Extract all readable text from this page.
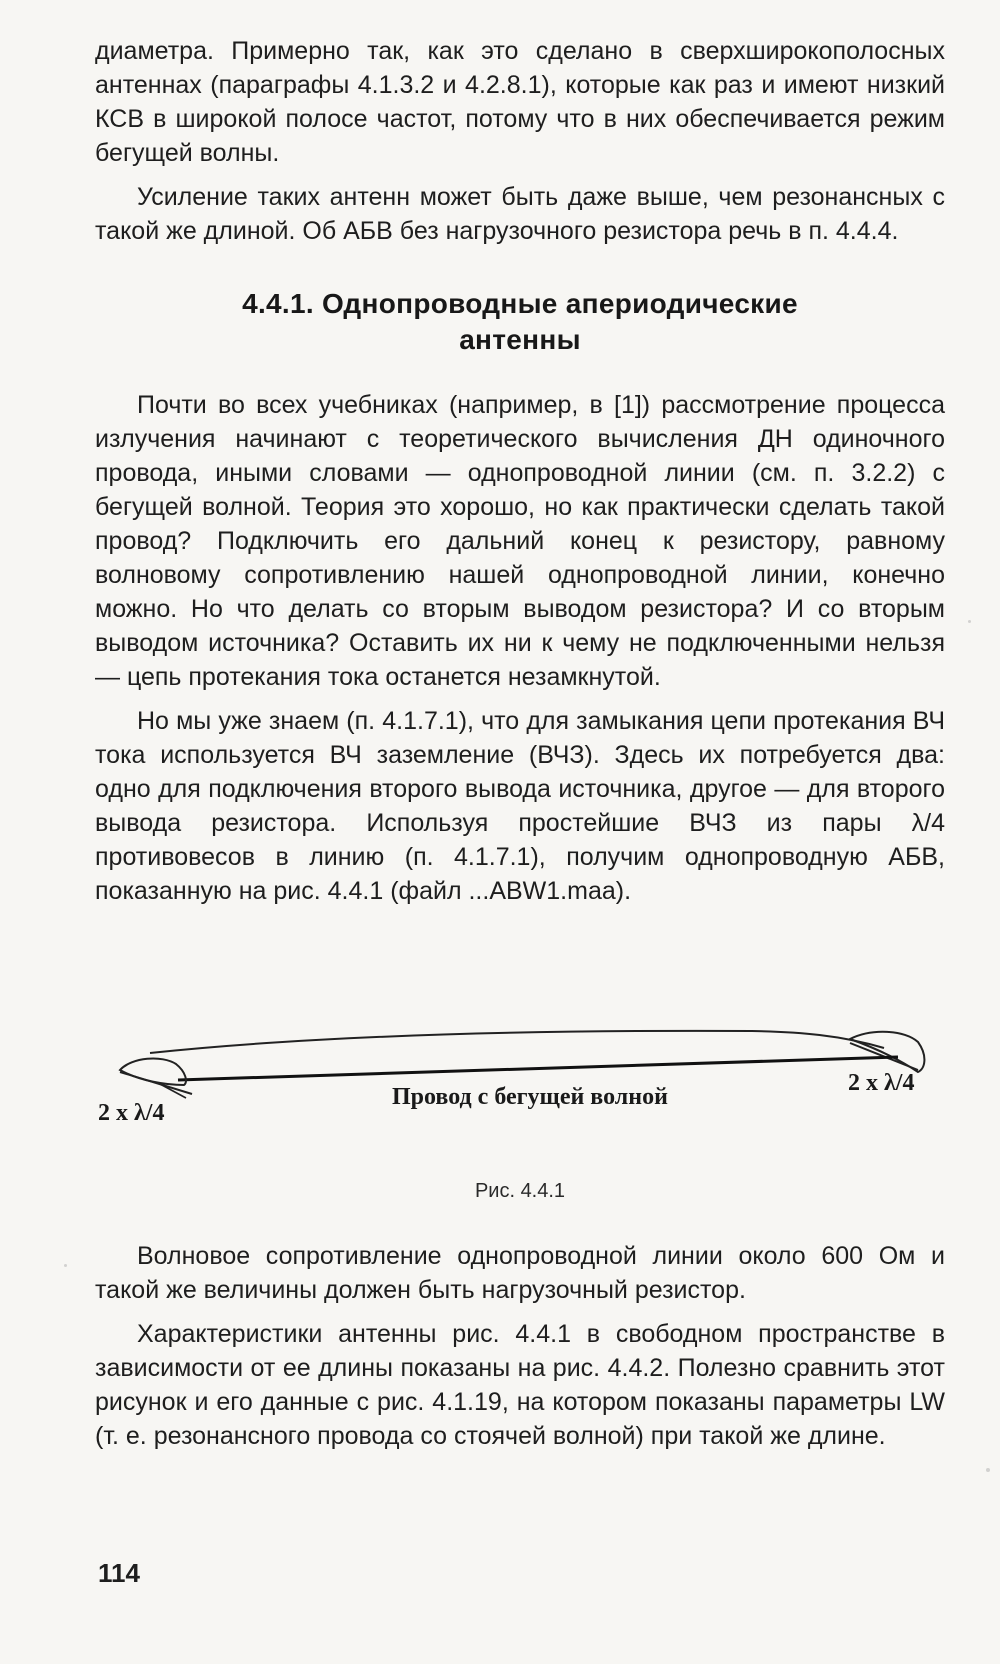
диаметра. Примерно так, как это сделано в сверхширокополосных антеннах (параграфы 4.1.3.2 и 4.2.8.1), которые как раз и имеют низкий КСВ в широкой полосе частот, потому что в них обеспечивается режим бегущей волны.

Усиление таких антенн может быть даже выше, чем резонансных с такой же длиной. Об АБВ без нагрузочного резистора речь в п. 4.4.4.

4.4.1. Однопроводные апериодические
антенны

Почти во всех учебниках (например, в [1]) рассмотрение процесса излучения начинают с теоретического вычисления ДН одиночного провода, иными словами — однопроводной линии (см. п. 3.2.2) с бегущей волной. Теория это хорошо, но как практически сделать такой провод? Подключить его дальний конец к резистору, равному волновому сопротивлению нашей однопроводной линии, конечно можно. Но что делать со вторым выводом резистора? И со вторым выводом источника? Оставить их ни к чему не подключенными нельзя — цепь протекания тока останется незамкнутой.

Но мы уже знаем (п. 4.1.7.1), что для замыкания цепи протекания ВЧ тока используется ВЧ заземление (ВЧЗ). Здесь их потребуется два: одно для подключения второго вывода источника, другое — для второго вывода резистора. Используя простейшие ВЧЗ из пары λ/4 противовесов в линию (п. 4.1.7.1), получим однопроводную АБВ, показанную на рис. 4.4.1 (файл ...ABW1.maa).

2 x λ/4
2 x λ/4
Провод с бегущей волной
Рис. 4.4.1

Волновое сопротивление однопроводной линии около 600 Ом и такой же величины должен быть нагрузочный резистор.

Характеристики антенны рис. 4.4.1 в свободном пространстве в зависимости от ее длины показаны на рис. 4.4.2. Полезно сравнить этот рисунок и его данные с рис. 4.1.19, на котором показаны параметры LW (т. е. резонансного провода со стоячей волной) при такой же длине.

114
